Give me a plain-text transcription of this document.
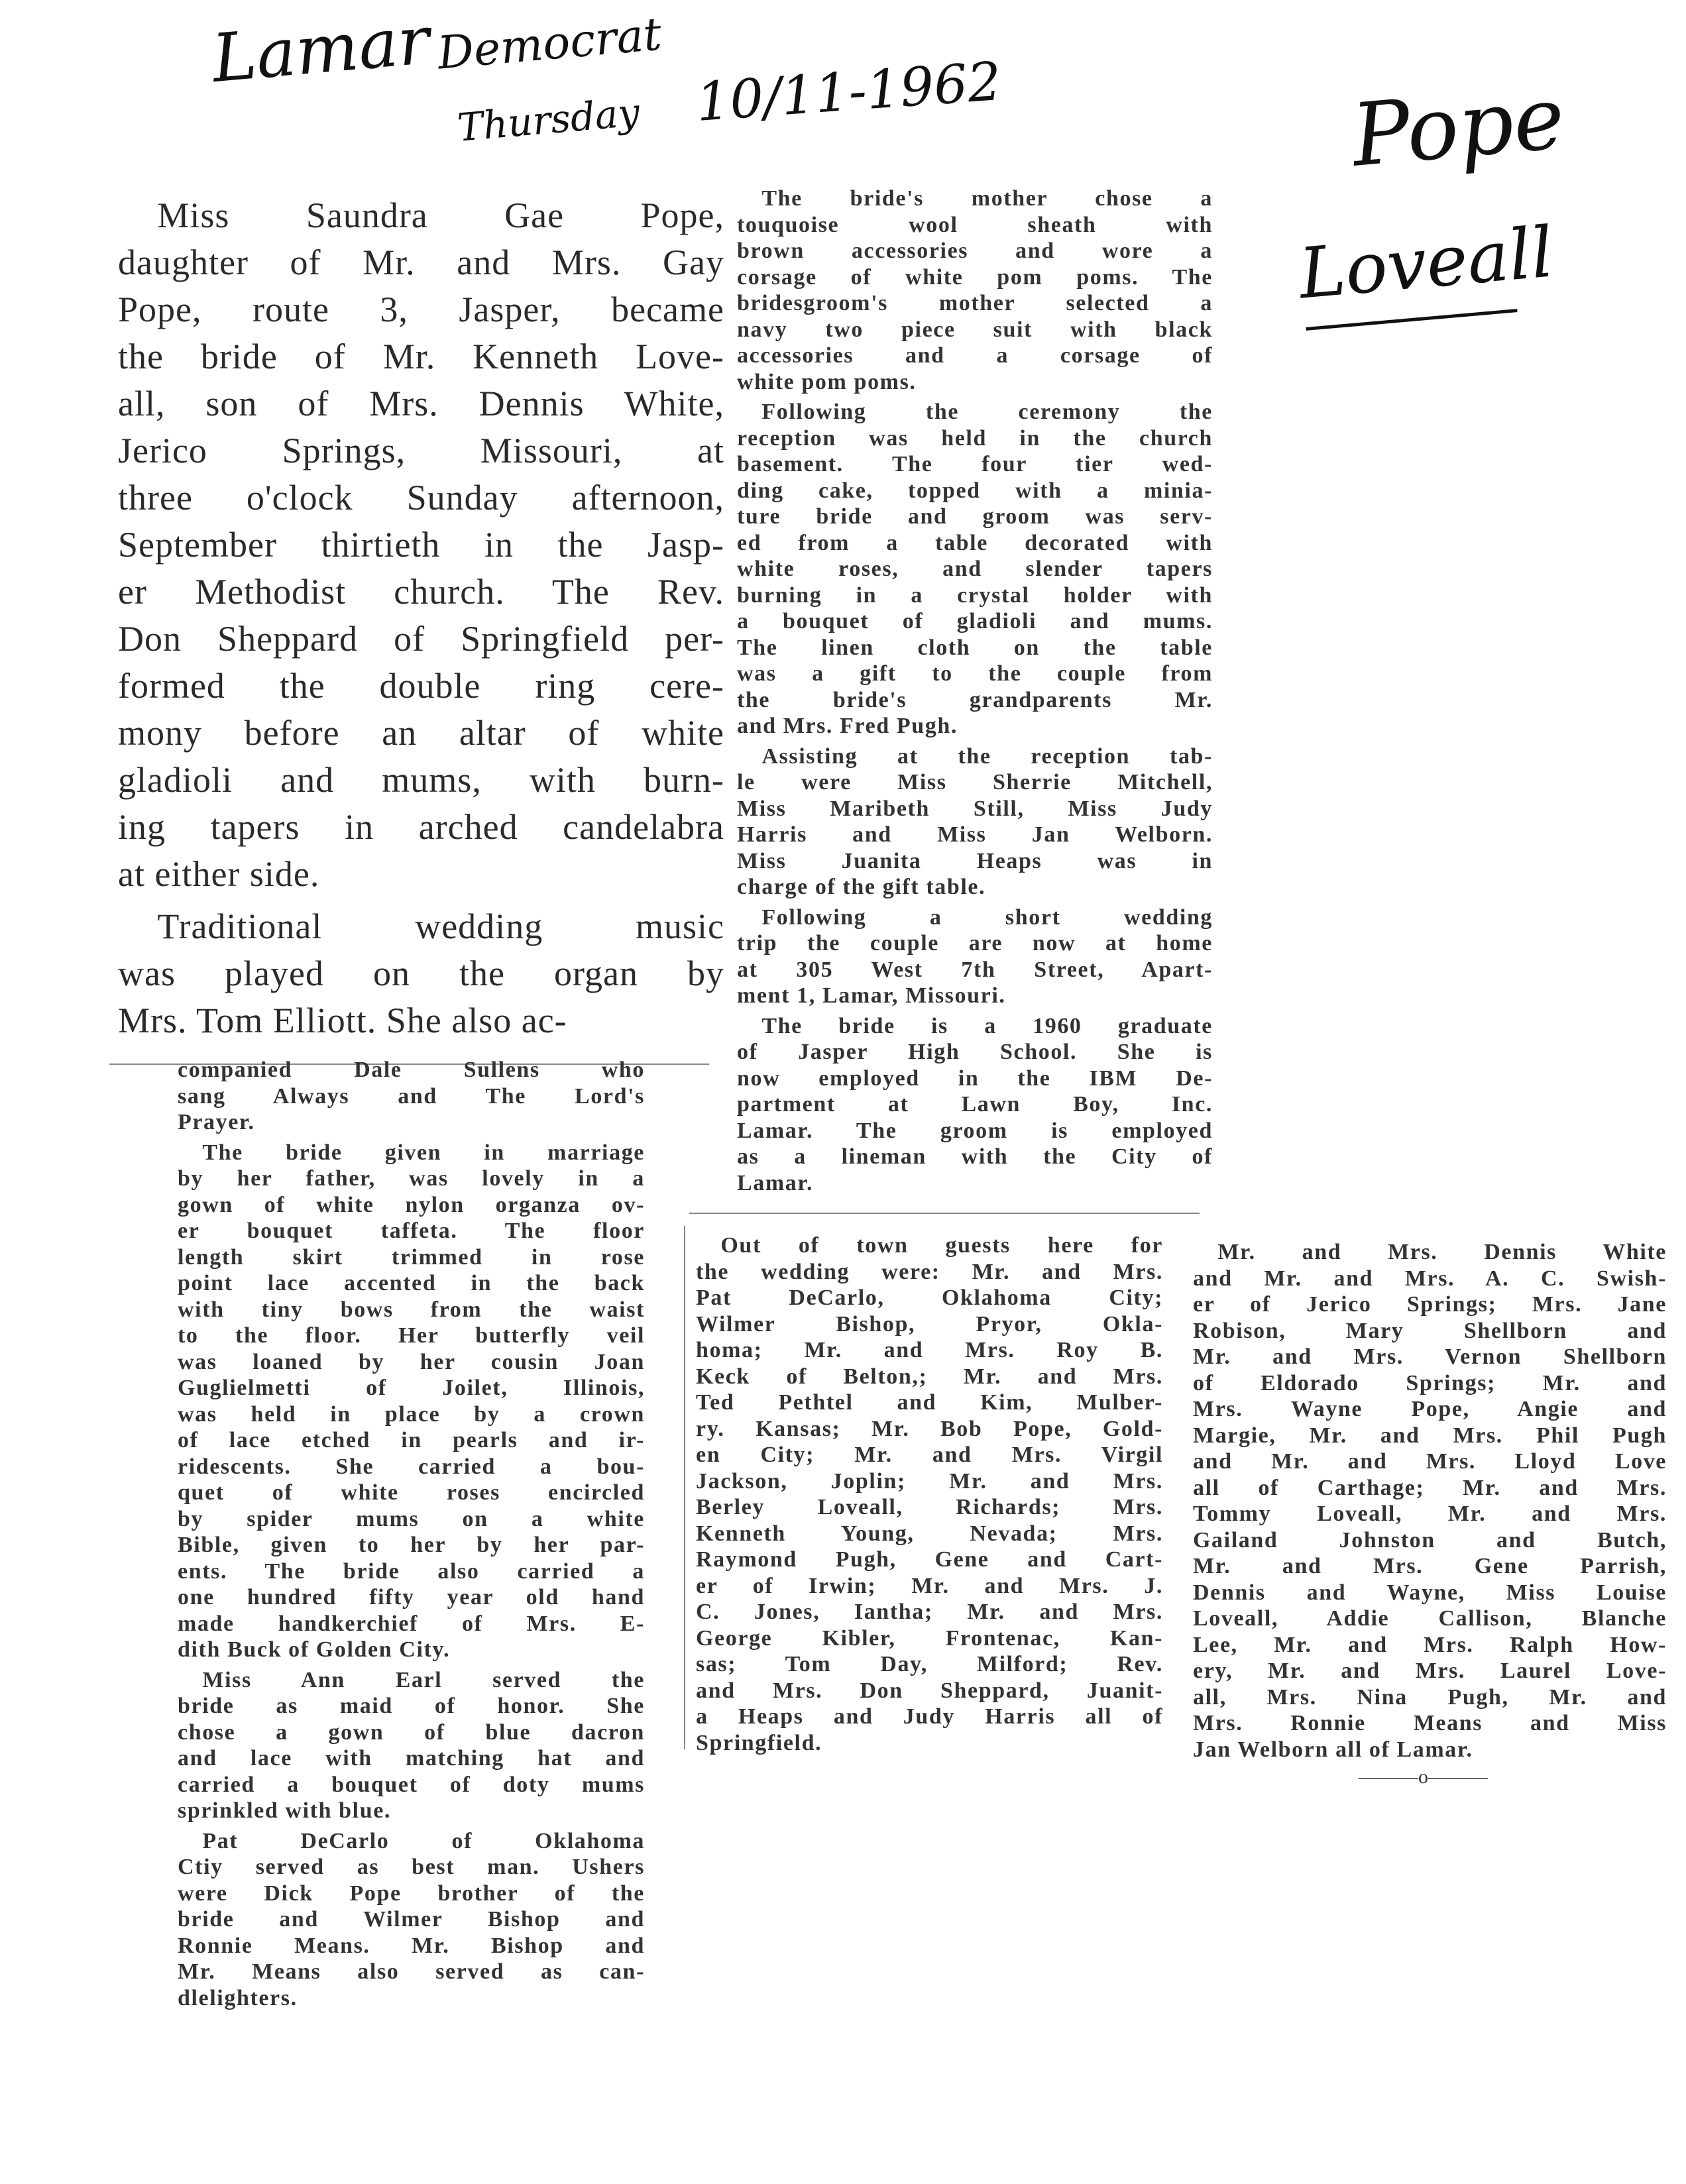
Lamar Democrat
Thursday 10/11-1962	Pope
Loveall
Miss Saundra Gae Pope,
daughter of Mr. and Mrs. Gay
Pope, route 3, Jasper, became
the bride of Mr. Kenneth Love-
all, son of Mrs. Dennis White,
Jerico Springs, Missouri, at
three o'clock Sunday afternoon,
September thirtieth in the Jasp-
er Methodist church. The Rev.
Don Sheppard of Springfield per-
formed the double ring cere-
mony before an altar of white
gladioli and mums, with burn-
ing tapers in arched candelabra
at either side.
Traditional wedding music
was played on the organ by
Mrs. Tom Elliott. She also ac-
companied Dale Sullens who
sang Always and The Lord's
Prayer.
The bride given in marriage
by her father, was lovely in a
gown of white nylon organza ov-
er bouquet taffeta. The floor
length skirt trimmed in rose
point lace accented in the back
with tiny bows from the waist
to the floor. Her butterfly veil
was loaned by her cousin Joan
Guglielmetti of Joilet, Illinois,
was held in place by a crown
of lace etched in pearls and ir-
ridescents. She carried a bou-
quet of white roses encircled
by spider mums on a white
Bible, given to her by her par-
ents. The bride also carried a
one hundred fifty year old hand
made handkerchief of Mrs. E-
dith Buck of Golden City.
Miss Ann Earl served the
bride as maid of honor. She
chose a gown of blue dacron
and lace with matching hat and
carried a bouquet of doty mums
sprinkled with blue.
Pat DeCarlo of Oklahoma
Ctiy served as best man. Ushers
were Dick Pope brother of the
bride and Wilmer Bishop and
Ronnie Means. Mr. Bishop and
Mr. Means also served as can-
dlelighters.
The bride's mother chose a
touquoise wool sheath with
brown accessories and wore a
corsage of white pom poms. The
bridesgroom's mother selected a
navy two piece suit with black
accessories and a corsage of
white pom poms.
Following the ceremony the
reception was held in the church
basement. The four tier wed-
ding cake, topped with a minia-
ture bride and groom was serv-
ed from a table decorated with
white roses, and slender tapers
burning in a crystal holder with
a bouquet of gladioli and mums.
The linen cloth on the table
was a gift to the couple from
the bride's grandparents Mr.
and Mrs. Fred Pugh.
Assisting at the reception tab-
le were Miss Sherrie Mitchell,
Miss Maribeth Still, Miss Judy
Harris and Miss Jan Welborn.
Miss Juanita Heaps was in
charge of the gift table.
Following a short wedding
trip the couple are now at home
at 305 West 7th Street, Apart-
ment 1, Lamar, Missouri.
The bride is a 1960 graduate
of Jasper High School. She is
now employed in the IBM De-
partment at Lawn Boy, Inc.
Lamar. The groom is employed
as a lineman with the City of
Lamar.
Out of town guests here for
the wedding were: Mr. and Mrs.
Pat DeCarlo, Oklahoma City;
Wilmer Bishop, Pryor, Okla-
homa; Mr. and Mrs. Roy B.
Keck of Belton,; Mr. and Mrs.
Ted Pethtel and Kim, Mulber-
ry. Kansas; Mr. Bob Pope, Gold-
en City; Mr. and Mrs. Virgil
Jackson, Joplin; Mr. and Mrs.
Berley Loveall, Richards; Mrs.
Kenneth Young, Nevada; Mrs.
Raymond Pugh, Gene and Cart-
er of Irwin; Mr. and Mrs. J.
C. Jones, Iantha; Mr. and Mrs.
George Kibler, Frontenac, Kan-
sas; Tom Day, Milford; Rev.
and Mrs. Don Sheppard, Juanit-
a Heaps and Judy Harris all of
Springfield.
Mr. and Mrs. Dennis White
and Mr. and Mrs. A. C. Swish-
er of Jerico Springs; Mrs. Jane
Robison, Mary Shellborn and
Mr. and Mrs. Vernon Shellborn
of Eldorado Springs; Mr. and
Mrs. Wayne Pope, Angie and
Margie, Mr. and Mrs. Phil Pugh
and Mr. and Mrs. Lloyd Love
all of Carthage; Mr. and Mrs.
Tommy Loveall, Mr. and Mrs.
Gailand Johnston and Butch,
Mr. and Mrs. Gene Parrish,
Dennis and Wayne, Miss Louise
Loveall, Addie Callison, Blanche
Lee, Mr. and Mrs. Ralph How-
ery, Mr. and Mrs. Laurel Love-
all, Mrs. Nina Pugh, Mr. and
Mrs. Ronnie Means and Miss
Jan Welborn all of Lamar.
———o———
